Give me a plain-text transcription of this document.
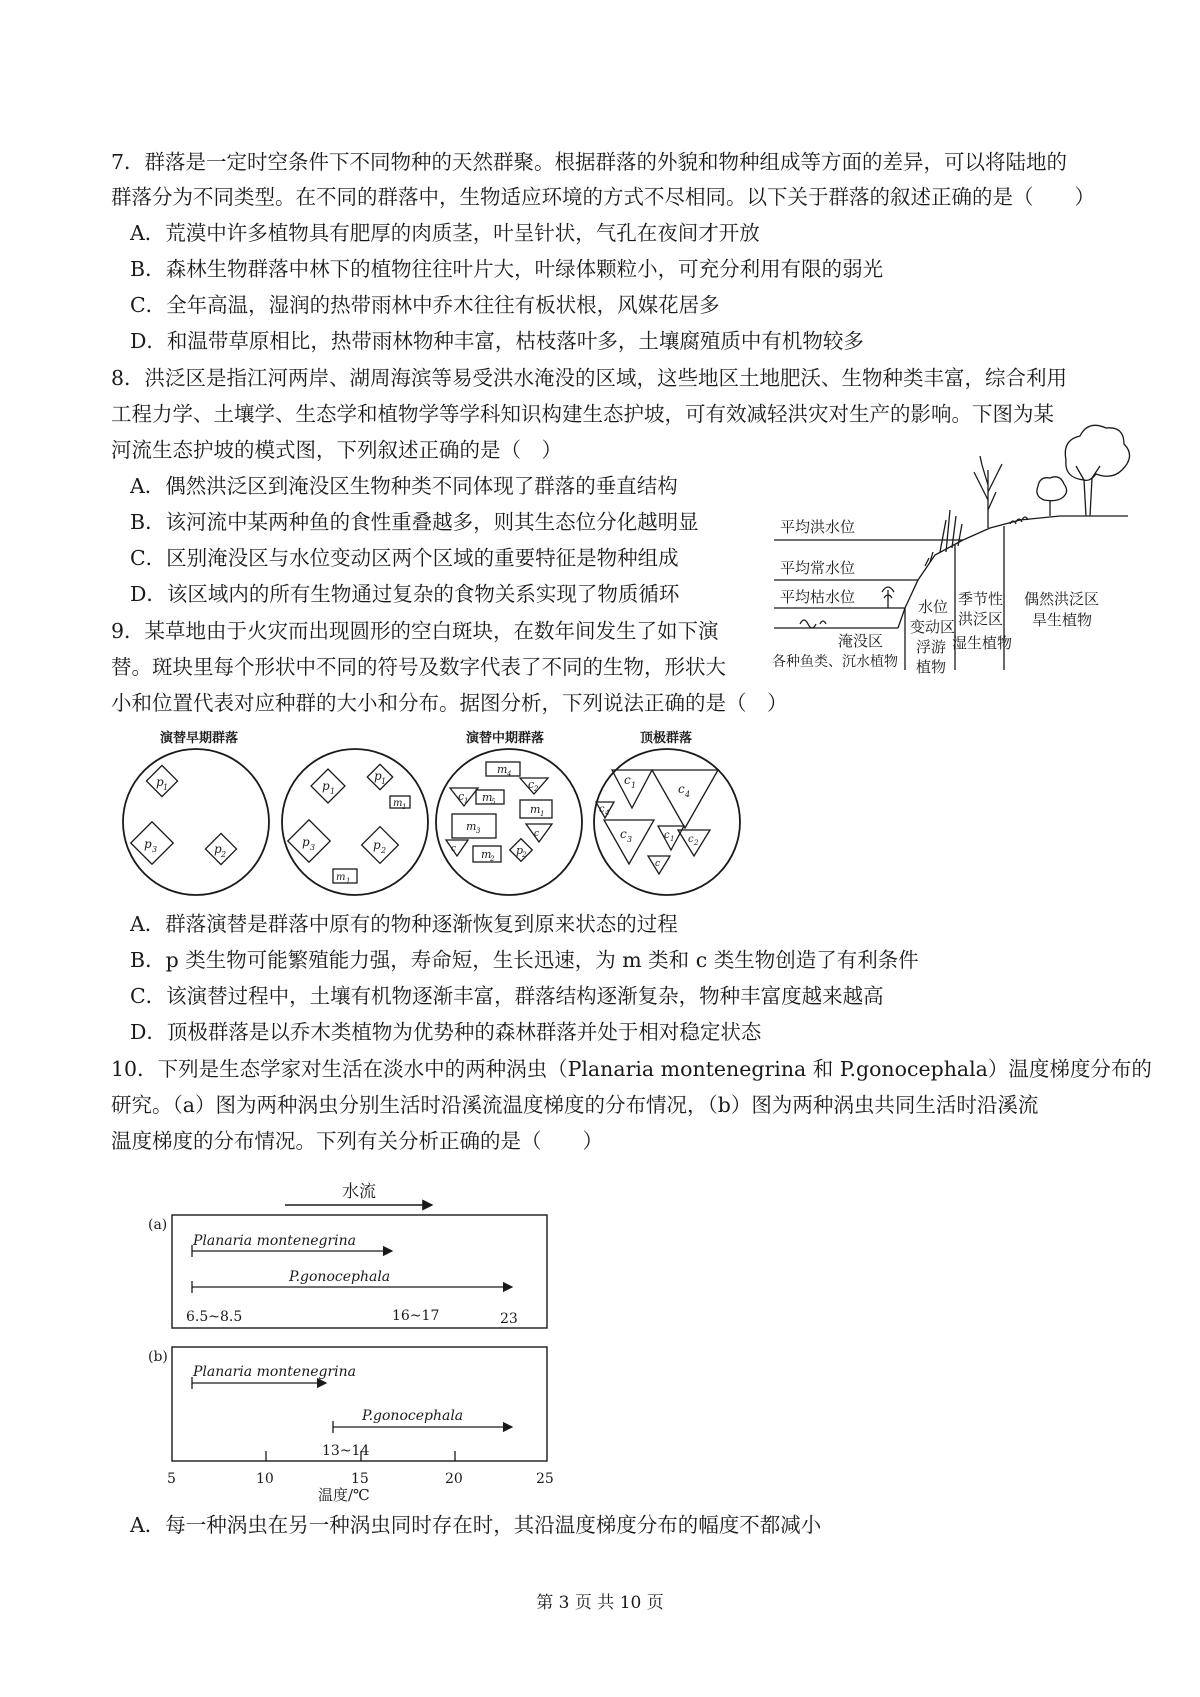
7．群落是一定时空条件下不同物种的天然群聚。根据群落的外貌和物种组成等方面的差异，可以将陆地的
群落分为不同类型。在不同的群落中，生物适应环境的方式不尽相同。以下关于群落的叙述正确的是（　　）
A．荒漠中许多植物具有肥厚的肉质茎，叶呈针状，气孔在夜间才开放
B．森林生物群落中林下的植物往往叶片大，叶绿体颗粒小，可充分利用有限的弱光
C．全年高温，湿润的热带雨林中乔木往往有板状根，风媒花居多
D．和温带草原相比，热带雨林物种丰富，枯枝落叶多，土壤腐殖质中有机物较多
8．洪泛区是指江河两岸、湖周海滨等易受洪水淹没的区域，这些地区土地肥沃、生物种类丰富，综合利用
工程力学、土壤学、生态学和植物学等学科知识构建生态护坡，可有效减轻洪灾对生产的影响。下图为某
河流生态护坡的模式图，下列叙述正确的是（　）
A．偶然洪泛区到淹没区生物种类不同体现了群落的垂直结构
B．该河流中某两种鱼的食性重叠越多，则其生态位分化越明显
C．区别淹没区与水位变动区两个区域的重要特征是物种组成
D．该区域内的所有生物通过复杂的食物关系实现了物质循环
9．某草地由于火灾而出现圆形的空白斑块，在数年间发生了如下演
替。斑块里每个形状中不同的符号及数字代表了不同的生物，形状大
小和位置代表对应种群的大小和分布。据图分析，下列说法正确的是（　）
A．群落演替是群落中原有的物种逐渐恢复到原来状态的过程
B．p 类生物可能繁殖能力强，寿命短，生长迅速，为 m 类和 c 类生物创造了有利条件
C．该演替过程中，土壤有机物逐渐丰富，群落结构逐渐复杂，物种丰富度越来越高
D．顶极群落是以乔木类植物为优势种的森林群落并处于相对稳定状态
10．下列是生态学家对生活在淡水中的两种涡虫（Planaria montenegrina 和 P.gonocephala）温度梯度分布的
研究。（a）图为两种涡虫分别生活时沿溪流温度梯度的分布情况，（b）图为两种涡虫共同生活时沿溪流
温度梯度的分布情况。下列有关分析正确的是（　　）
A．每一种涡虫在另一种涡虫同时存在时，其沿温度梯度分布的幅度不都减小
第 3 页 共 10 页
平均洪水位
平均常水位
平均枯水位
淹没区
各种鱼类、沉水植物
水位
变动区
浮游
植物
季节性
洪泛区
湿生植物
偶然洪泛区
旱生植物
演替早期群落	演替中期群落	顶极群落
p 1
p 3	p 2
p 1
p 1
m 1
p 3	p 2
m 1
m 4
c 2
c 1 m
5
m 1
m 3	c
c m
2
p
2
c 1	c 4
c 4
c 3	c 1 c 2
c
水流
(a)
Planaria montenegrina
P.gonocephala
6.5~8.5	16~17	23
(b)
Planaria montenegrina
P.gonocephala
13~14
5	10	15	20	25
温度/℃
